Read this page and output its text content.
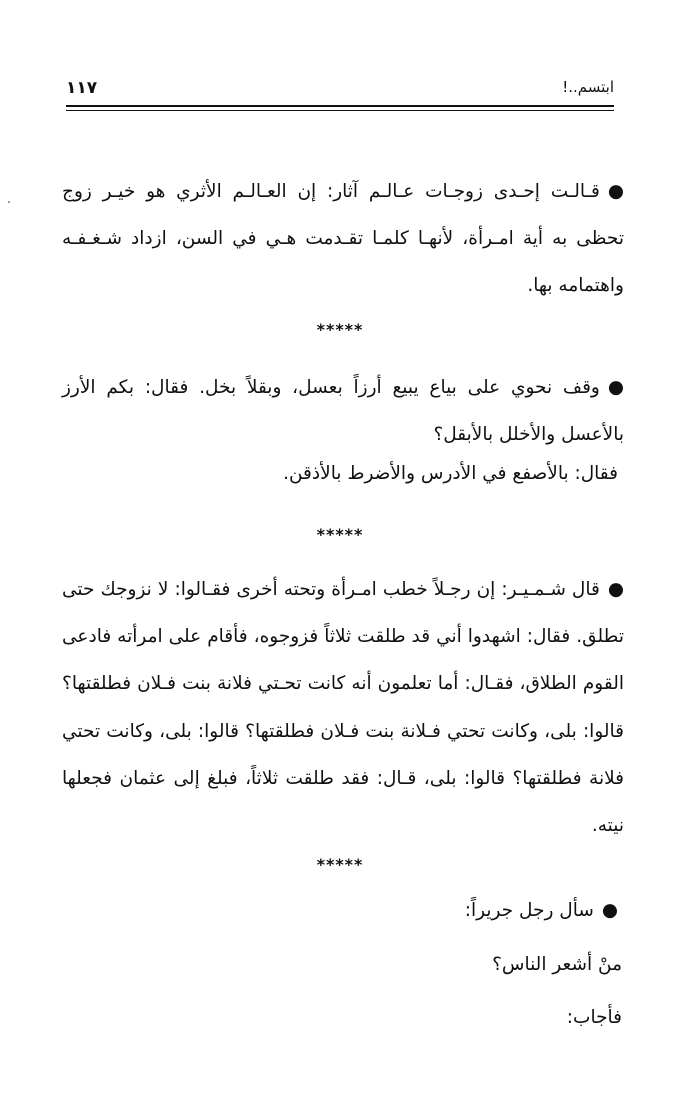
١١٧	ابتسم..!

●قـالـت إحـدى زوجـات عـالـم آثار: إن العـالـم الأثري هو خيـر زوج تحظى به أية امـرأة، لأنهـا كلمـا تقـدمت هـي في السن، ازداد شـغـفـه واهتمامه بها.

*****

●وقف نحوي على بياع يبيع أرزاً بعسل، وبقلاً بخل. فقال: بكم الأرز بالأعسل والأخلل بالأبقل؟

فقال: بالأصفع في الأدرس والأضرط بالأذقن.
*****

●قال شـمـيـر: إن رجـلاً خطب امـرأة وتحته أخرى فقـالوا: لا نزوجك حتى تطلق. فقال: اشهدوا أني قد طلقت ثلاثاً فزوجوه، فأقام على امرأته فادعى القوم الطلاق، فقـال: أما تعلمون أنه كانت تحـتي فلانة بنت فـلان فطلقتها؟ قالوا: بلى، وكانت تحتي فـلانة بنت فـلان فطلقتها؟ قالوا: بلى، وكانت تحتي فلانة فطلقتها؟ قالوا: بلى، قـال: فقد طلقت ثلاثاً، فبلغ إلى عثمان فجعلها نيته.

*****
●سأل رجل جريراً:
منْ أشعر الناس؟
فأجاب:
